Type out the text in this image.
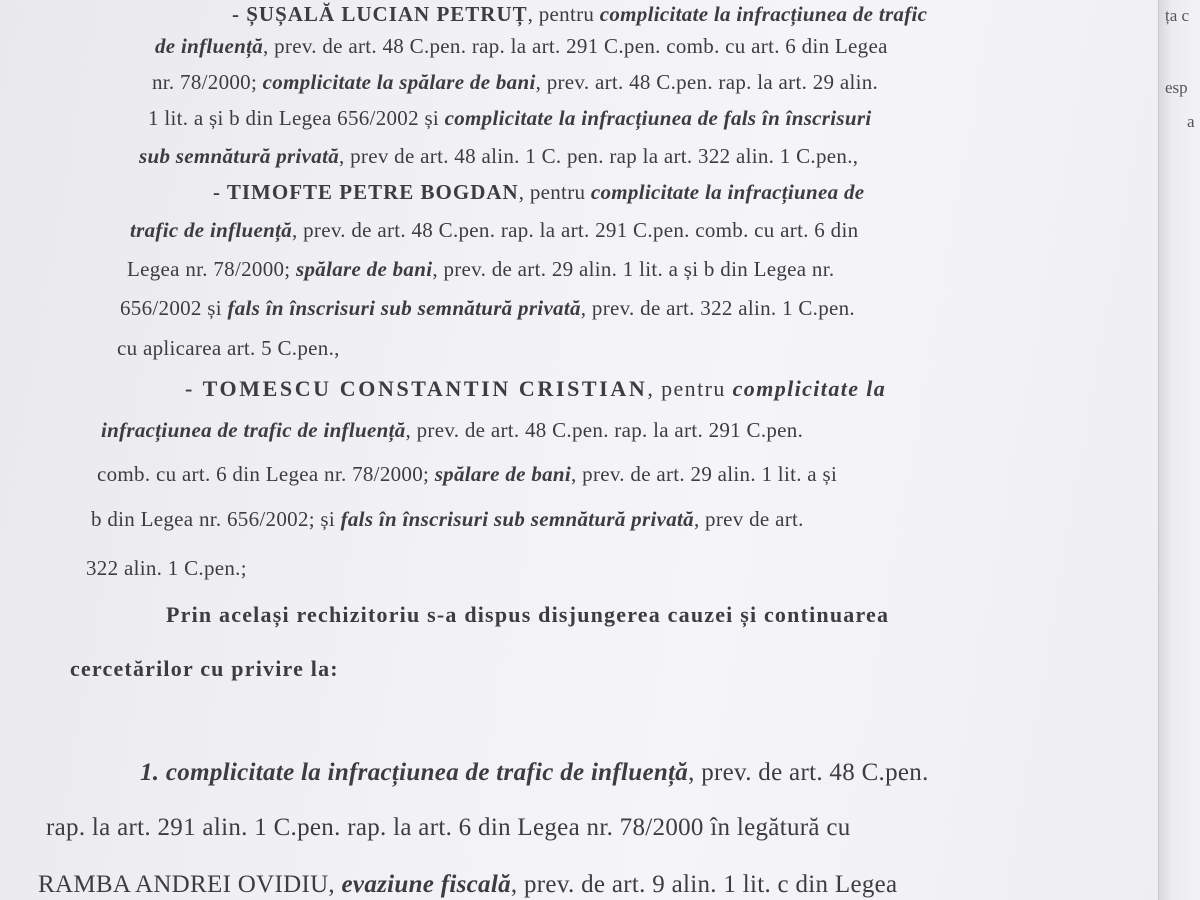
- ȘUȘALĂ LUCIAN PETRUȚ, pentru complicitate la infracțiunea de trafic
de influență, prev. de art. 48 C.pen. rap. la art. 291 C.pen. comb. cu art. 6 din Legea
nr. 78/2000; complicitate la spălare de bani, prev. art. 48 C.pen. rap. la art. 29 alin.
1 lit. a și b din Legea 656/2002 și complicitate la infracțiunea de fals în înscrisuri
sub semnătură privată, prev de art. 48 alin. 1 C. pen. rap la art. 322 alin. 1 C.pen.,
- TIMOFTE PETRE BOGDAN, pentru complicitate la infracțiunea de
trafic de influență, prev. de art. 48 C.pen. rap. la art. 291 C.pen. comb. cu art. 6 din
Legea nr. 78/2000; spălare de bani, prev. de art. 29 alin. 1 lit. a și b din Legea nr.
656/2002 și fals în înscrisuri sub semnătură privată, prev. de art. 322 alin. 1 C.pen.
cu aplicarea art. 5 C.pen.,
- TOMESCU CONSTANTIN CRISTIAN, pentru complicitate la
infracțiunea de trafic de influență, prev. de art. 48 C.pen. rap. la art. 291 C.pen.
comb. cu art. 6 din Legea nr. 78/2000; spălare de bani, prev. de art. 29 alin. 1 lit. a și
b din Legea nr. 656/2002; și fals în înscrisuri sub semnătură privată, prev de art.
322 alin. 1 C.pen.;
Prin același rechizitoriu s-a dispus disjungerea cauzei și continuarea
cercetărilor cu privire la:
1. complicitate la infracțiunea de trafic de influență, prev. de art. 48 C.pen.
rap. la art. 291 alin. 1 C.pen. rap. la art. 6 din Legea nr. 78/2000 în legătură cu
RAMBA ANDREI OVIDIU, evaziune fiscală, prev. de art. 9 alin. 1 lit. c din Legea
ța c
esp
a
